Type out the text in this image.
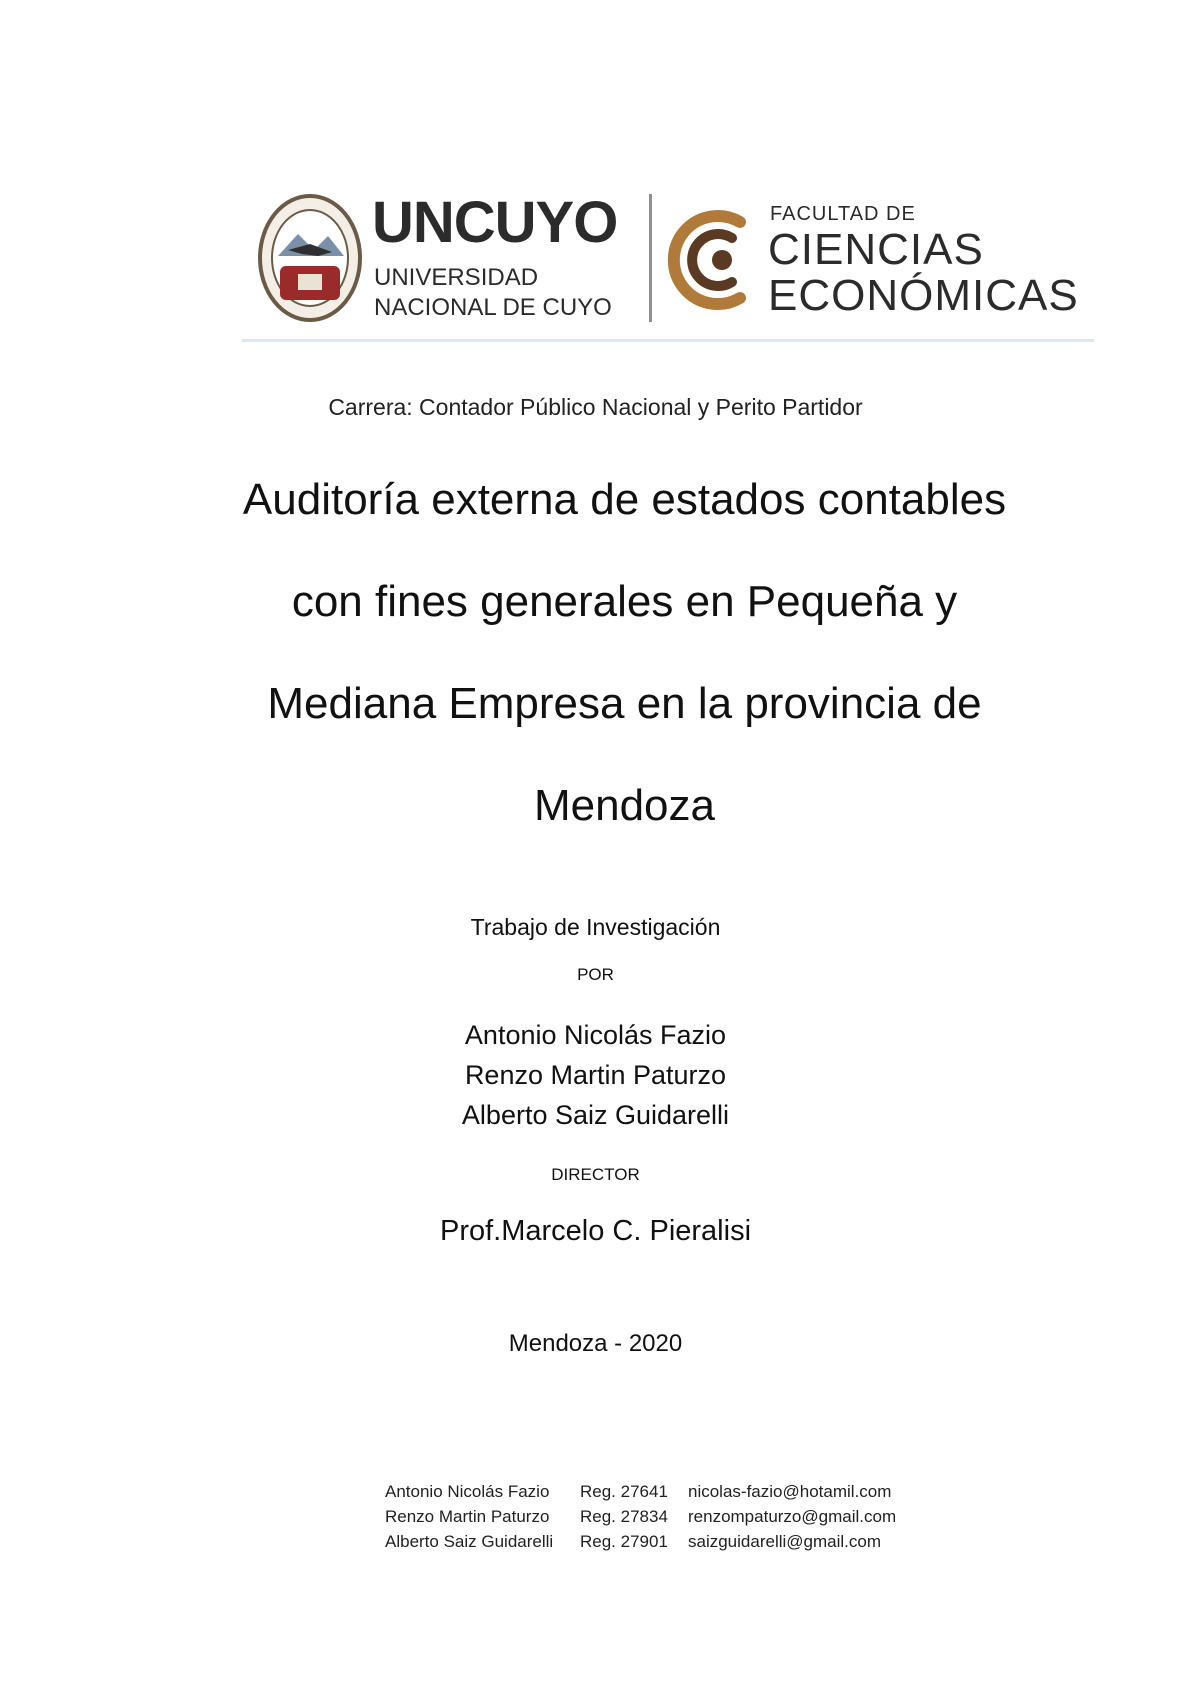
UNCUYO
UNIVERSIDAD
NACIONAL DE CUYO
FACULTAD DE
CIENCIAS
ECONÓMICAS
Carrera: Contador Público Nacional y Perito Partidor
Auditoría externa de estados contables
con fines generales en Pequeña y
Mediana Empresa en la provincia de
Mendoza
Trabajo de Investigación
POR
Antonio Nicolás Fazio
Renzo Martin Paturzo
Alberto Saiz Guidarelli
DIRECTOR
Prof.Marcelo C. Pieralisi
Mendoza - 2020
Antonio Nicolás Fazio Reg. 27641 nicolas-fazio@hotamil.com
Renzo Martin Paturzo Reg. 27834 renzompaturzo@gmail.com
Alberto Saiz Guidarelli Reg. 27901 saizguidarelli@gmail.com
